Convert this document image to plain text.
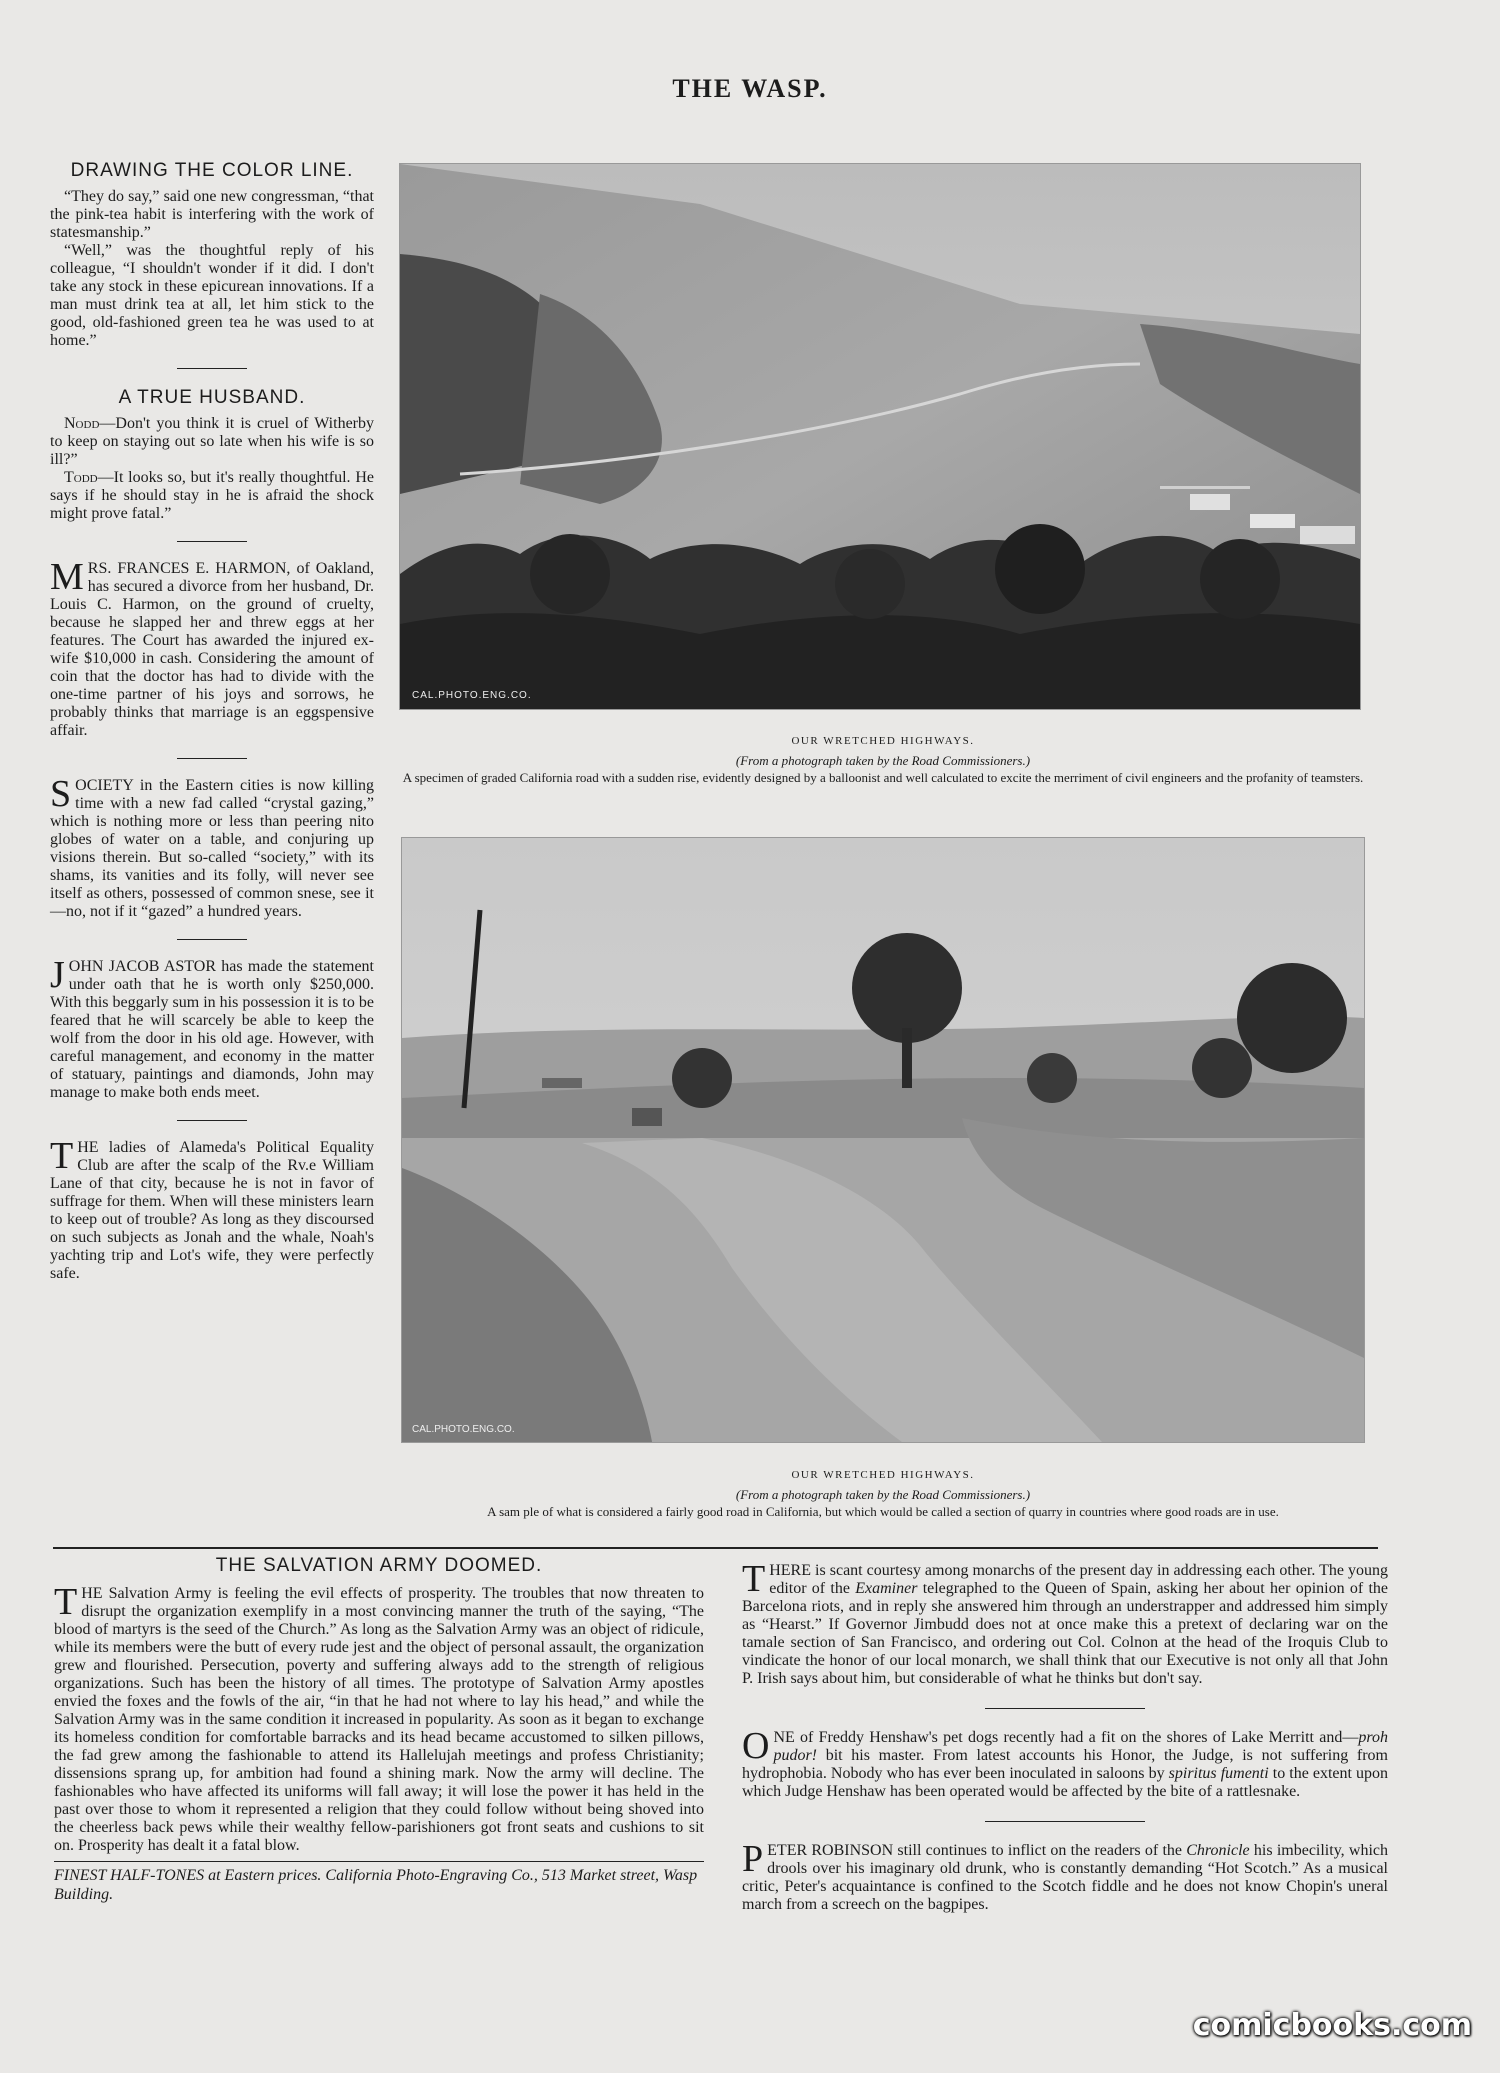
THE WASP.
DRAWING THE COLOR LINE.

“They do say,” said one new congressman, “that the pink-tea habit is interfering with the work of statesmanship.”

“Well,” was the thoughtful reply of his colleague, “I shouldn't wonder if it did. I don't take any stock in these epicurean innovations. If a man must drink tea at all, let him stick to the good, old-fashioned green tea he was used to at home.”

A TRUE HUSBAND.

Nodd—Don't you think it is cruel of Witherby to keep on staying out so late when his wife is so ill?”

Todd—It looks so, but it's really thoughtful. He says if he should stay in he is afraid the shock might prove fatal.”

MRS. FRANCES E. HARMON, of Oakland, has secured a divorce from her husband, Dr. Louis C. Harmon, on the ground of cruelty, because he slapped her and threw eggs at her features. The Court has awarded the injured ex-wife $10,000 in cash. Considering the amount of coin that the doctor has had to divide with the one-time partner of his joys and sorrows, he probably thinks that marriage is an eggspensive affair.

SOCIETY in the Eastern cities is now killing time with a new fad called “crystal gazing,” which is nothing more or less than peering nito globes of water on a table, and conjuring up visions therein. But so-called “society,” with its shams, its vanities and its folly, will never see itself as others, possessed of common snese, see it—no, not if it “gazed” a hundred years.

JOHN JACOB ASTOR has made the statement under oath that he is worth only $250,000. With this beggarly sum in his possession it is to be feared that he will scarcely be able to keep the wolf from the door in his old age. However, with careful management, and economy in the matter of statuary, paintings and diamonds, John may manage to make both ends meet.

THE ladies of Alameda's Political Equality Club are after the scalp of the Rv.e William Lane of that city, because he is not in favor of suffrage for them. When will these ministers learn to keep out of trouble? As long as they discoursed on such subjects as Jonah and the whale, Noah's yachting trip and Lot's wife, they were perfectly safe.

CAL.PHOTO.ENG.CO.
OUR WRETCHED HIGHWAYS.
(From a photograph taken by the Road Commissioners.)
A specimen of graded California road with a sudden rise, evidently designed by a balloonist and well calculated to excite the merriment of civil engineers and the profanity of teamsters.
CAL.PHOTO.ENG.CO.
OUR WRETCHED HIGHWAYS.
(From a photograph taken by the Road Commissioners.)
A sam ple of what is considered a fairly good road in California, but which would be called a section of quarry in countries where good roads are in use.
THE SALVATION ARMY DOOMED.

THE Salvation Army is feeling the evil effects of prosperity. The troubles that now threaten to disrupt the organization exemplify in a most convincing manner the truth of the saying, “The blood of martyrs is the seed of the Church.” As long as the Salvation Army was an object of ridicule, while its members were the butt of every rude jest and the object of personal assault, the organization grew and flourished. Persecution, poverty and suffering always add to the strength of religious organizations. Such has been the history of all times. The prototype of Salvation Army apostles envied the foxes and the fowls of the air, “in that he had not where to lay his head,” and while the Salvation Army was in the same condition it increased in popularity. As soon as it began to exchange its homeless condition for comfortable barracks and its head became accustomed to silken pillows, the fad grew among the fashionable to attend its Hallelujah meetings and profess Christianity; dissensions sprang up, for ambition had found a shining mark. Now the army will decline. The fashionables who have affected its uniforms will fall away; it will lose the power it has held in the past over those to whom it represented a religion that they could follow without being shoved into the cheerless back pews while their wealthy fellow-parishioners got front seats and cushions to sit on. Prosperity has dealt it a fatal blow.

FINEST HALF-TONES at Eastern prices. California Photo-Engraving Co., 513 Market street, Wasp Building.

THERE is scant courtesy among monarchs of the present day in addressing each other. The young editor of the Examiner telegraphed to the Queen of Spain, asking her about her opinion of the Barcelona riots, and in reply she answered him through an understrapper and addressed him simply as “Hearst.” If Governor Jimbudd does not at once make this a pretext of declaring war on the tamale section of San Francisco, and ordering out Col. Colnon at the head of the Iroquis Club to vindicate the honor of our local monarch, we shall think that our Executive is not only all that John P. Irish says about him, but considerable of what he thinks but don't say.

ONE of Freddy Henshaw's pet dogs recently had a fit on the shores of Lake Merritt and—proh pudor! bit his master. From latest accounts his Honor, the Judge, is not suffering from hydrophobia. Nobody who has ever been inoculated in saloons by spiritus fumenti to the extent upon which Judge Henshaw has been operated would be affected by the bite of a rattlesnake.

PETER ROBINSON still continues to inflict on the readers of the Chronicle his imbecility, which drools over his imaginary old drunk, who is constantly demanding “Hot Scotch.” As a musical critic, Peter's acquaintance is confined to the Scotch fiddle and he does not know Chopin's uneral march from a screech on the bagpipes.

comicbooks.com
